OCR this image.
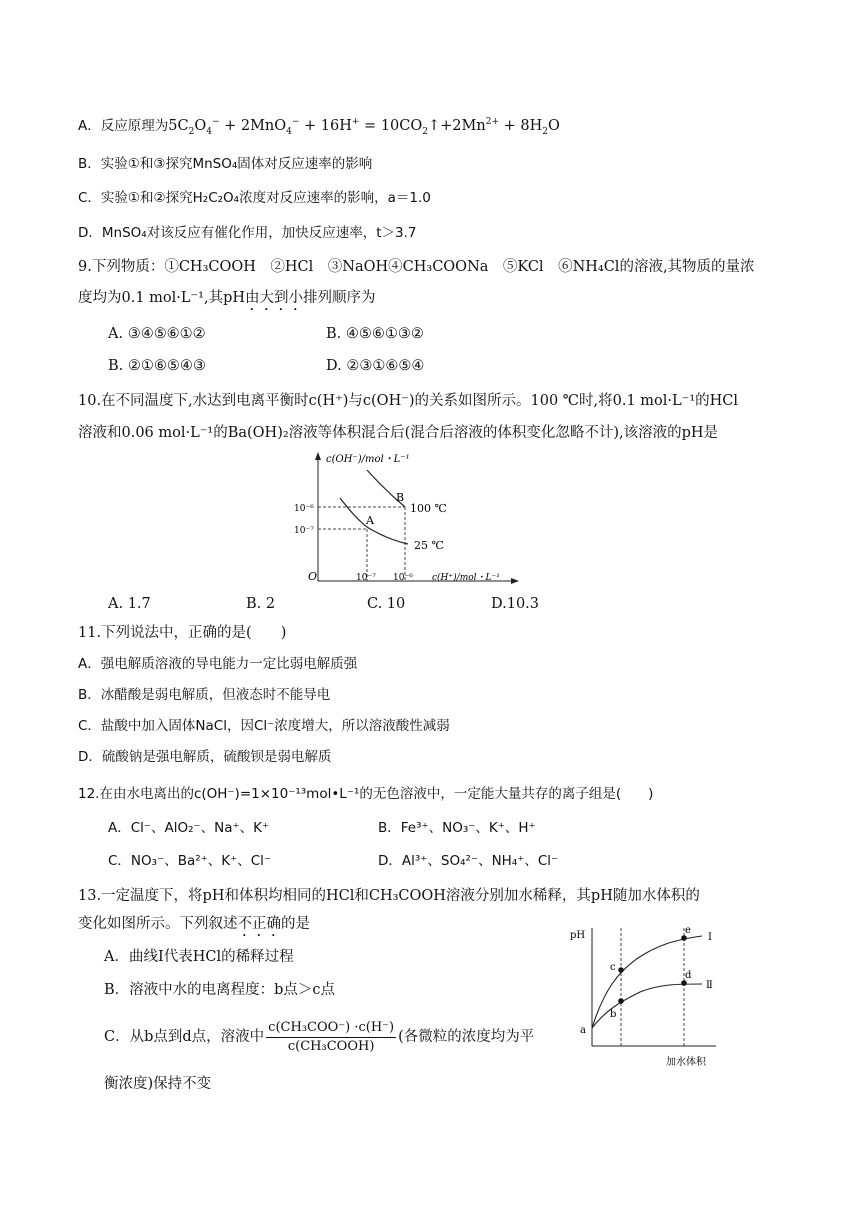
A．反应原理为$5C_2O_4^- + 2MnO_4^- + 16H^+$ = $10CO_2↑+2Mn^{2+} + 8H_2O$
B．实验①和③探究MnSO₄固体对反应速率的影响
C．实验①和②探究H₂C₂O₄浓度对反应速率的影响，a＝1.0
D．MnSO₄对该反应有催化作用，加快反应速率，t＞3.7
9.下列物质：①CH₃COOH　②HCl　③NaOH④CH₃COONa　⑤KCl　⑥NH₄Cl的溶液,其物质的量浓
度均为0.1 mol·L⁻¹,其pH由大到小排列顺序为
A. ③④⑤⑥①②	B. ④⑤⑥①③②
B. ②①⑥⑤④③	D. ②③①⑥⑤④
10.在不同温度下,水达到电离平衡时c(H⁺)与c(OH⁻)的关系如图所示。100 ℃时,将0.1 mol·L⁻¹的HCl
溶液和0.06 mol·L⁻¹的Ba(OH)₂溶液等体积混合后(混合后溶液的体积变化忽略不计),该溶液的pH是
c(OH⁻)/mol・L⁻¹
10⁻⁶
10⁻⁷
O	10⁻⁷ 10⁻⁶ c(H⁺)/mol・L⁻¹
A
B
100 ℃
25 ℃
A. 1.7	B. 2	C. 10	D.10.3
11.下列说法中，正确的是(　　)
A．强电解质溶液的导电能力一定比弱电解质强
B．冰醋酸是弱电解质，但液态时不能导电
C．盐酸中加入固体NaCl，因Cl⁻浓度增大，所以溶液酸性减弱
D．硫酸钠是强电解质，硫酸钡是弱电解质
12.在由水电离出的c(OH⁻)=1×10⁻¹³mol•L⁻¹的无色溶液中，一定能大量共存的离子组是(　　)
A．Cl⁻、AlO₂⁻、Na⁺、K⁺	B．Fe³⁺、NO₃⁻、K⁺、H⁺
C．NO₃⁻、Ba²⁺、K⁺、Cl⁻	D．Al³⁺、SO₄²⁻、NH₄⁺、Cl⁻
13.一定温度下，将pH和体积均相同的HCl和CH₃COOH溶液分别加水稀释，其pH随加水体积的
变化如图所示。下列叙述不正确的是
A．曲线Ⅰ代表HCl的稀释过程
B．溶液中水的电离程度：b点＞c点
C．从b点到d点，溶液中 $\frac{\text{c(CH₃COO⁻) ·c(H⁻)}}{\text{c(CH₃COOH)}}$ (各微粒的浓度均为平
衡浓度)保持不变
pH
a
b
c
d
e
Ⅰ
Ⅱ
加水体积
